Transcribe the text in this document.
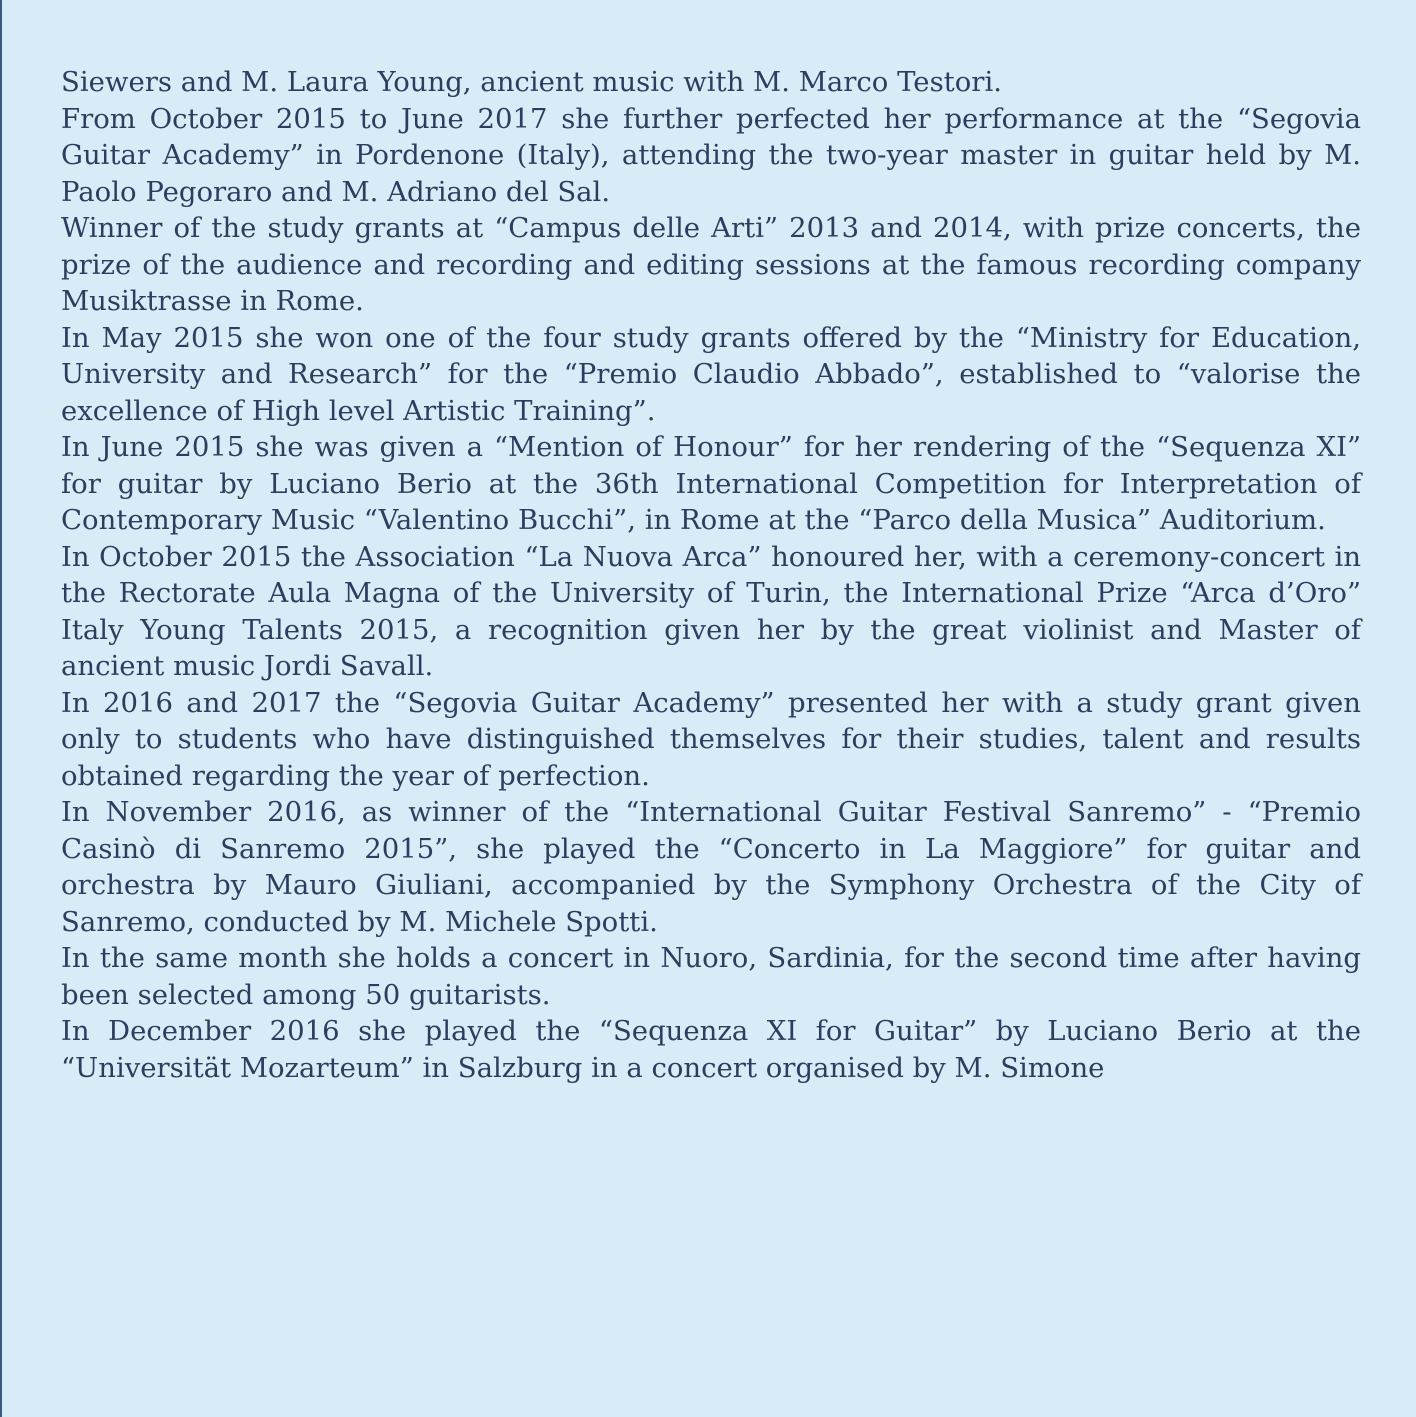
Siewers and M. Laura Young, ancient music with M. Marco Testori.

From October 2015 to June 2017 she further perfected her performance at the “Segovia Guitar Academy” in Pordenone (Italy), attending the two-year master in guitar held by M. Paolo Pegoraro and M. Adriano del Sal.

Winner of the study grants at “Campus delle Arti” 2013 and 2014, with prize concerts, the prize of the audience and recording and editing sessions at the famous recording company Musiktrasse in Rome.

In May 2015 she won one of the four study grants offered by the “Ministry for Education, University and Research” for the “Premio Claudio Abbado”, established to “valorise the excellence of High level Artistic Training”.

In June 2015 she was given a “Mention of Honour” for her rendering of the “Sequenza XI” for guitar by Luciano Berio at the 36th International Competition for Interpretation of Contemporary Music “Valentino Bucchi”, in Rome at the “Parco della Musica” Auditorium.

In October 2015 the Association “La Nuova Arca” honoured her, with a ceremony-concert in the Rectorate Aula Magna of the University of Turin, the International Prize “Arca d’Oro” Italy Young Talents 2015, a recognition given her by the great violinist and Master of ancient music Jordi Savall.

In 2016 and 2017 the “Segovia Guitar Academy” presented her with a study grant given only to students who have distinguished themselves for their studies, talent and results obtained regarding the year of perfection.

In November 2016, as winner of the “International Guitar Festival Sanremo” - “Premio Casinò di Sanremo 2015”, she played the “Concerto in La Maggiore” for guitar and orchestra by Mauro Giuliani, accompanied by the Symphony Orchestra of the City of Sanremo, conducted by M. Michele Spotti.

In the same month she holds a concert in Nuoro, Sardinia, for the second time after having been selected among 50 guitarists.

In December 2016 she played the “Sequenza XI for Guitar” by Luciano Berio at the “Universität Mozarteum” in Salzburg in a concert organised by M. Simone
